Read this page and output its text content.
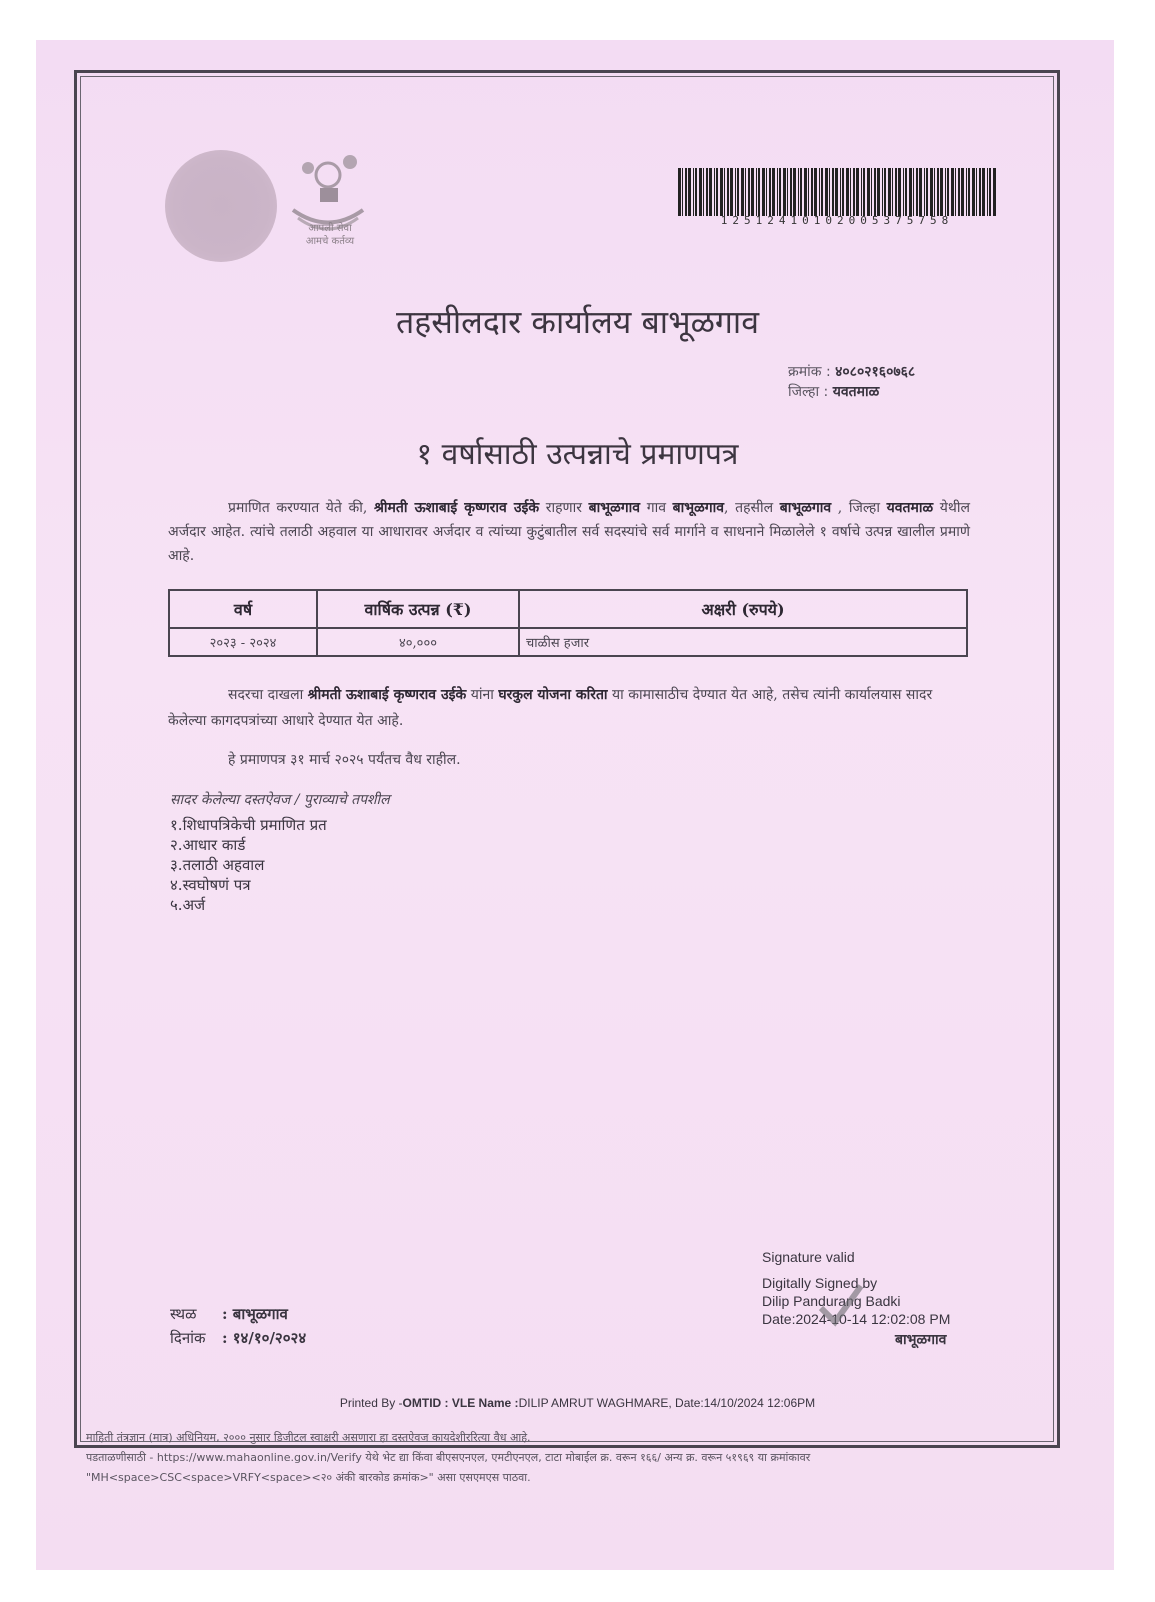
आपली सेवा
आमचे कर्तव्य
125124101020053757​58
तहसीलदार कार्यालय बाभूळगाव
क्रमांक : ४०८०२१६०७६८
जिल्हा : यवतमाळ
१ वर्षासाठी उत्पन्नाचे प्रमाणपत्र
प्रमाणित करण्यात येते की, श्रीमती ऊशाबाई कृष्णराव उईके राहणार बाभूळगाव गाव बाभूळगाव, तहसील बाभूळगाव , जिल्हा यवतमाळ येथील अर्जदार आहेत. त्यांचे तलाठी अहवाल या आधारावर अर्जदार व त्यांच्या कुटुंबातील सर्व सदस्यांचे सर्व मार्गाने व साधनाने मिळालेले १ वर्षाचे उत्पन्न खालील प्रमाणे आहे.
वर्ष	वार्षिक उत्पन्न (₹)	अक्षरी (रुपये)
२०२३ - २०२४	४०,०००	चाळीस हजार
सदरचा दाखला श्रीमती ऊशाबाई कृष्णराव उईके यांना घरकुल योजना करिता या कामासाठीच देण्यात येत आहे, तसेच त्यांनी कार्यालयास सादर केलेल्या कागदपत्रांच्या आधारे देण्यात येत आहे.
हे प्रमाणपत्र ३१ मार्च २०२५ पर्यंतच वैध राहील.
सादर केलेल्या दस्तऐवज / पुराव्याचे तपशील
१.शिधापत्रिकेची प्रमाणित प्रत
२.आधार कार्ड
३.तलाठी अहवाल
४.स्वघोषणं पत्र
५.अर्ज
स्थळ : बाभूळगाव
दिनांक : १४/१०/२०२४
Signature valid
Digitally Signed by
Dilip Pandurang Badki
Date:2024-10-14 12:02:08 PM
बाभूळगाव
Printed By -OMTID : VLE Name :DILIP AMRUT WAGHMARE, Date:14/10/2024 12:06PM
माहिती तंत्रज्ञान (मात्र) अधिनियम, २००० नुसार डिजीटल स्वाक्षरी असणारा हा दस्तऐवज कायदेशीररित्या वैध आहे.
पडताळणीसाठी - https://www.mahaonline.gov.in/Verify येथे भेट द्या किंवा बीएसएनएल, एमटीएनएल, टाटा मोबाईल क्र. वरून १६६/ अन्य क्र. वरून ५१९६९ या क्रमांकावर
"MH<space>CSC<space>VRFY<space><२० अंकी बारकोड क्रमांक>" असा एसएमएस पाठवा.
